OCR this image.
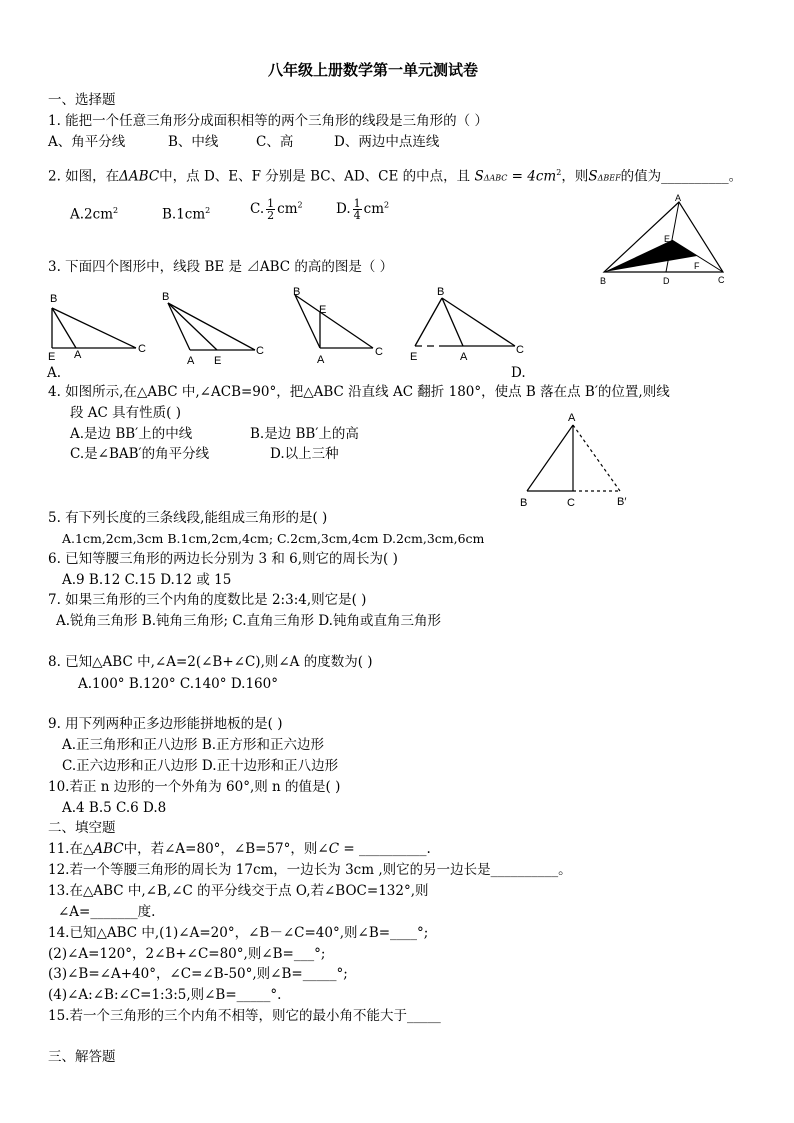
八年级上册数学第一单元测试卷
一、选择题
1. 能把一个任意三角形分成面积相等的两个三角形的线段是三角形的（ ）
A、角平分线	B、中线	C、高	D、两边中点连线
2. 如图，在ΔABC中，点 D、E、F 分别是 BC、AD、CE 的中点，且 $S\Delta ABC = 4cm^2$，则SΔBEF的值为__________。
$A.2cm^2$	$B.1cm^2$	C. $\frac{1}{2} cm^2$ D. $\frac{1}{4} cm^2$
A
E
B	D
F
C
3. 下面四个图形中，线段 BE 是 ⊿ABC 的高的图是（ ）
B
E A	C
A.
B
A E
C
B
E
A
C
B
E	A
C
D.
4. 如图所示,在△ABC 中,∠ACB=90°，把△ABC 沿直线 AC 翻折 180°，使点 B 落在点 B′的位置,则线
段 AC 具有性质( )
A.是边 BB′上的中线	B.是边 BB′上的高
C.是∠BAB′的角平分线	D.以上三种
A
B	C	B′
5. 有下列长度的三条线段,能组成三角形的是( )
A.1cm,2cm,3cm B.1cm,2cm,4cm; C.2cm,3cm,4cm D.2cm,3cm,6cm
6. 已知等腰三角形的两边长分别为 3 和 6,则它的周长为( )
A.9 B.12 C.15 D.12 或 15
7. 如果三角形的三个内角的度数比是 2:3:4,则它是( )
A.锐角三角形 B.钝角三角形; C.直角三角形 D.钝角或直角三角形
8. 已知△ABC 中,∠A=2(∠B+∠C),则∠A 的度数为( )
A.100° B.120° C.140° D.160°
9. 用下列两种正多边形能拼地板的是( )
A.正三角形和正八边形 B.正方形和正六边形
C.正六边形和正八边形 D.正十边形和正八边形
10.若正 n 边形的一个外角为 60°,则 n 的值是( )
A.4 B.5 C.6 D.8
二、填空题
11.在△ABC中，若∠A=80°，∠B=57°，则∠C = __________.
12.若一个等腰三角形的周长为 17cm，一边长为 3cm ,则它的另一边长是__________。
13.在△ABC 中,∠B,∠C 的平分线交于点 O,若∠BOC=132°,则
∠A=_______度.
14.已知△ABC 中,(1)∠A=20°，∠B－∠C=40°,则∠B=____°;
(2)∠A=120°，2∠B+∠C=80°,则∠B=___°;
(3)∠B=∠A+40°，∠C=∠B-50°,则∠B=_____°;
(4)∠A:∠B:∠C=1:3:5,则∠B=_____°.
15.若一个三角形的三个内角不相等，则它的最小角不能大于_____
三、解答题
